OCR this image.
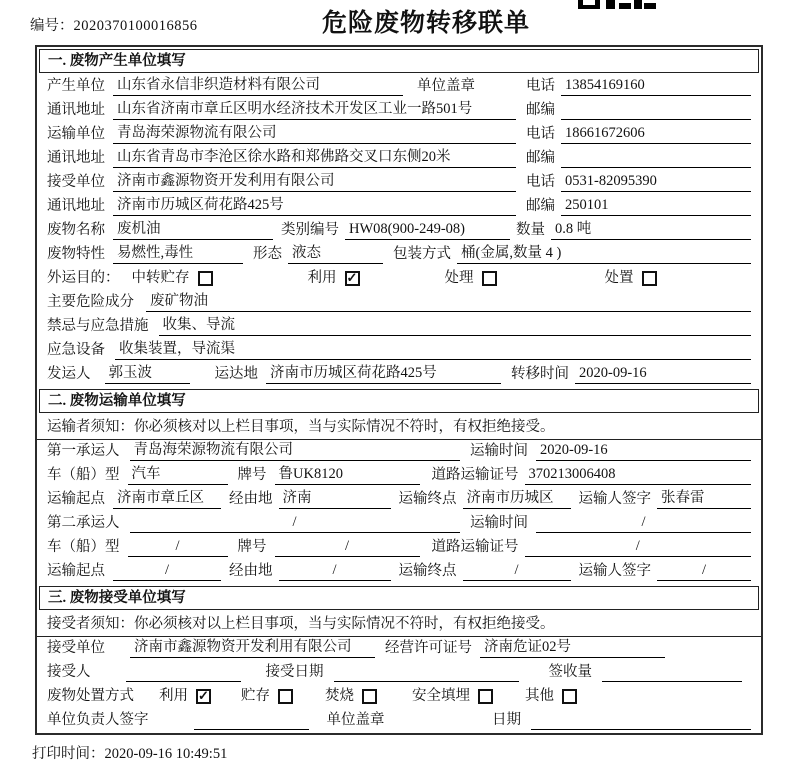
编号：2020370100016856	危险废物转移联单
一. 废物产生单位填写
产生单位 山东省永信非织造材料有限公司	单位盖章	电话 13854169160
通讯地址 山东省济南市章丘区明水经济技术开发区工业一路501号	邮编
运输单位 青岛海荣源物流有限公司	电话 18661672606
通讯地址 山东省青岛市李沧区徐水路和郑佛路交叉口东侧20米	邮编
接受单位 济南市鑫源物资开发利用有限公司	电话 0531-82095390
通讯地址 济南市历城区荷花路425号	邮编 250101
废物名称 废机油	类别编号 HW08(900-249-08)	数量 0.8 吨
废物特性 易燃性,毒性	形态 液态	包装方式 桶(金属,数量 4 )
外运目的： 中转贮存	利用 ✓	处理	处置
主要危险成分 废矿物油
禁忌与应急措施 收集、导流
应急设备 收集装置，导流渠
发运人 郭玉波	运达地 济南市历城区荷花路425号	转移时间 2020-09-16
二. 废物运输单位填写
运输者须知：你必须核对以上栏目事项，当与实际情况不符时，有权拒绝接受。
第一承运人 青岛海荣源物流有限公司	运输时间 2020-09-16
车（船）型 汽车	牌号 鲁UK8120	道路运输证号 370213006408
运输起点 济南市章丘区	经由地 济南	运输终点 济南市历城区	运输人签字 张春雷
第二承运人	/	运输时间	/
车（船）型	/	牌号	/	道路运输证号	/
运输起点	/	经由地	/	运输终点	/	运输人签字	/
三. 废物接受单位填写
接受者须知：你必须核对以上栏目事项，当与实际情况不符时，有权拒绝接受。
接受单位 济南市鑫源物资开发利用有限公司	经营许可证号 济南危证02号
接受人	接受日期	签收量
废物处置方式 利用 ✓ 贮存	焚烧	安全填埋	其他
单位负责人签字	单位盖章	日期
打印时间：2020-09-16 10:49:51
